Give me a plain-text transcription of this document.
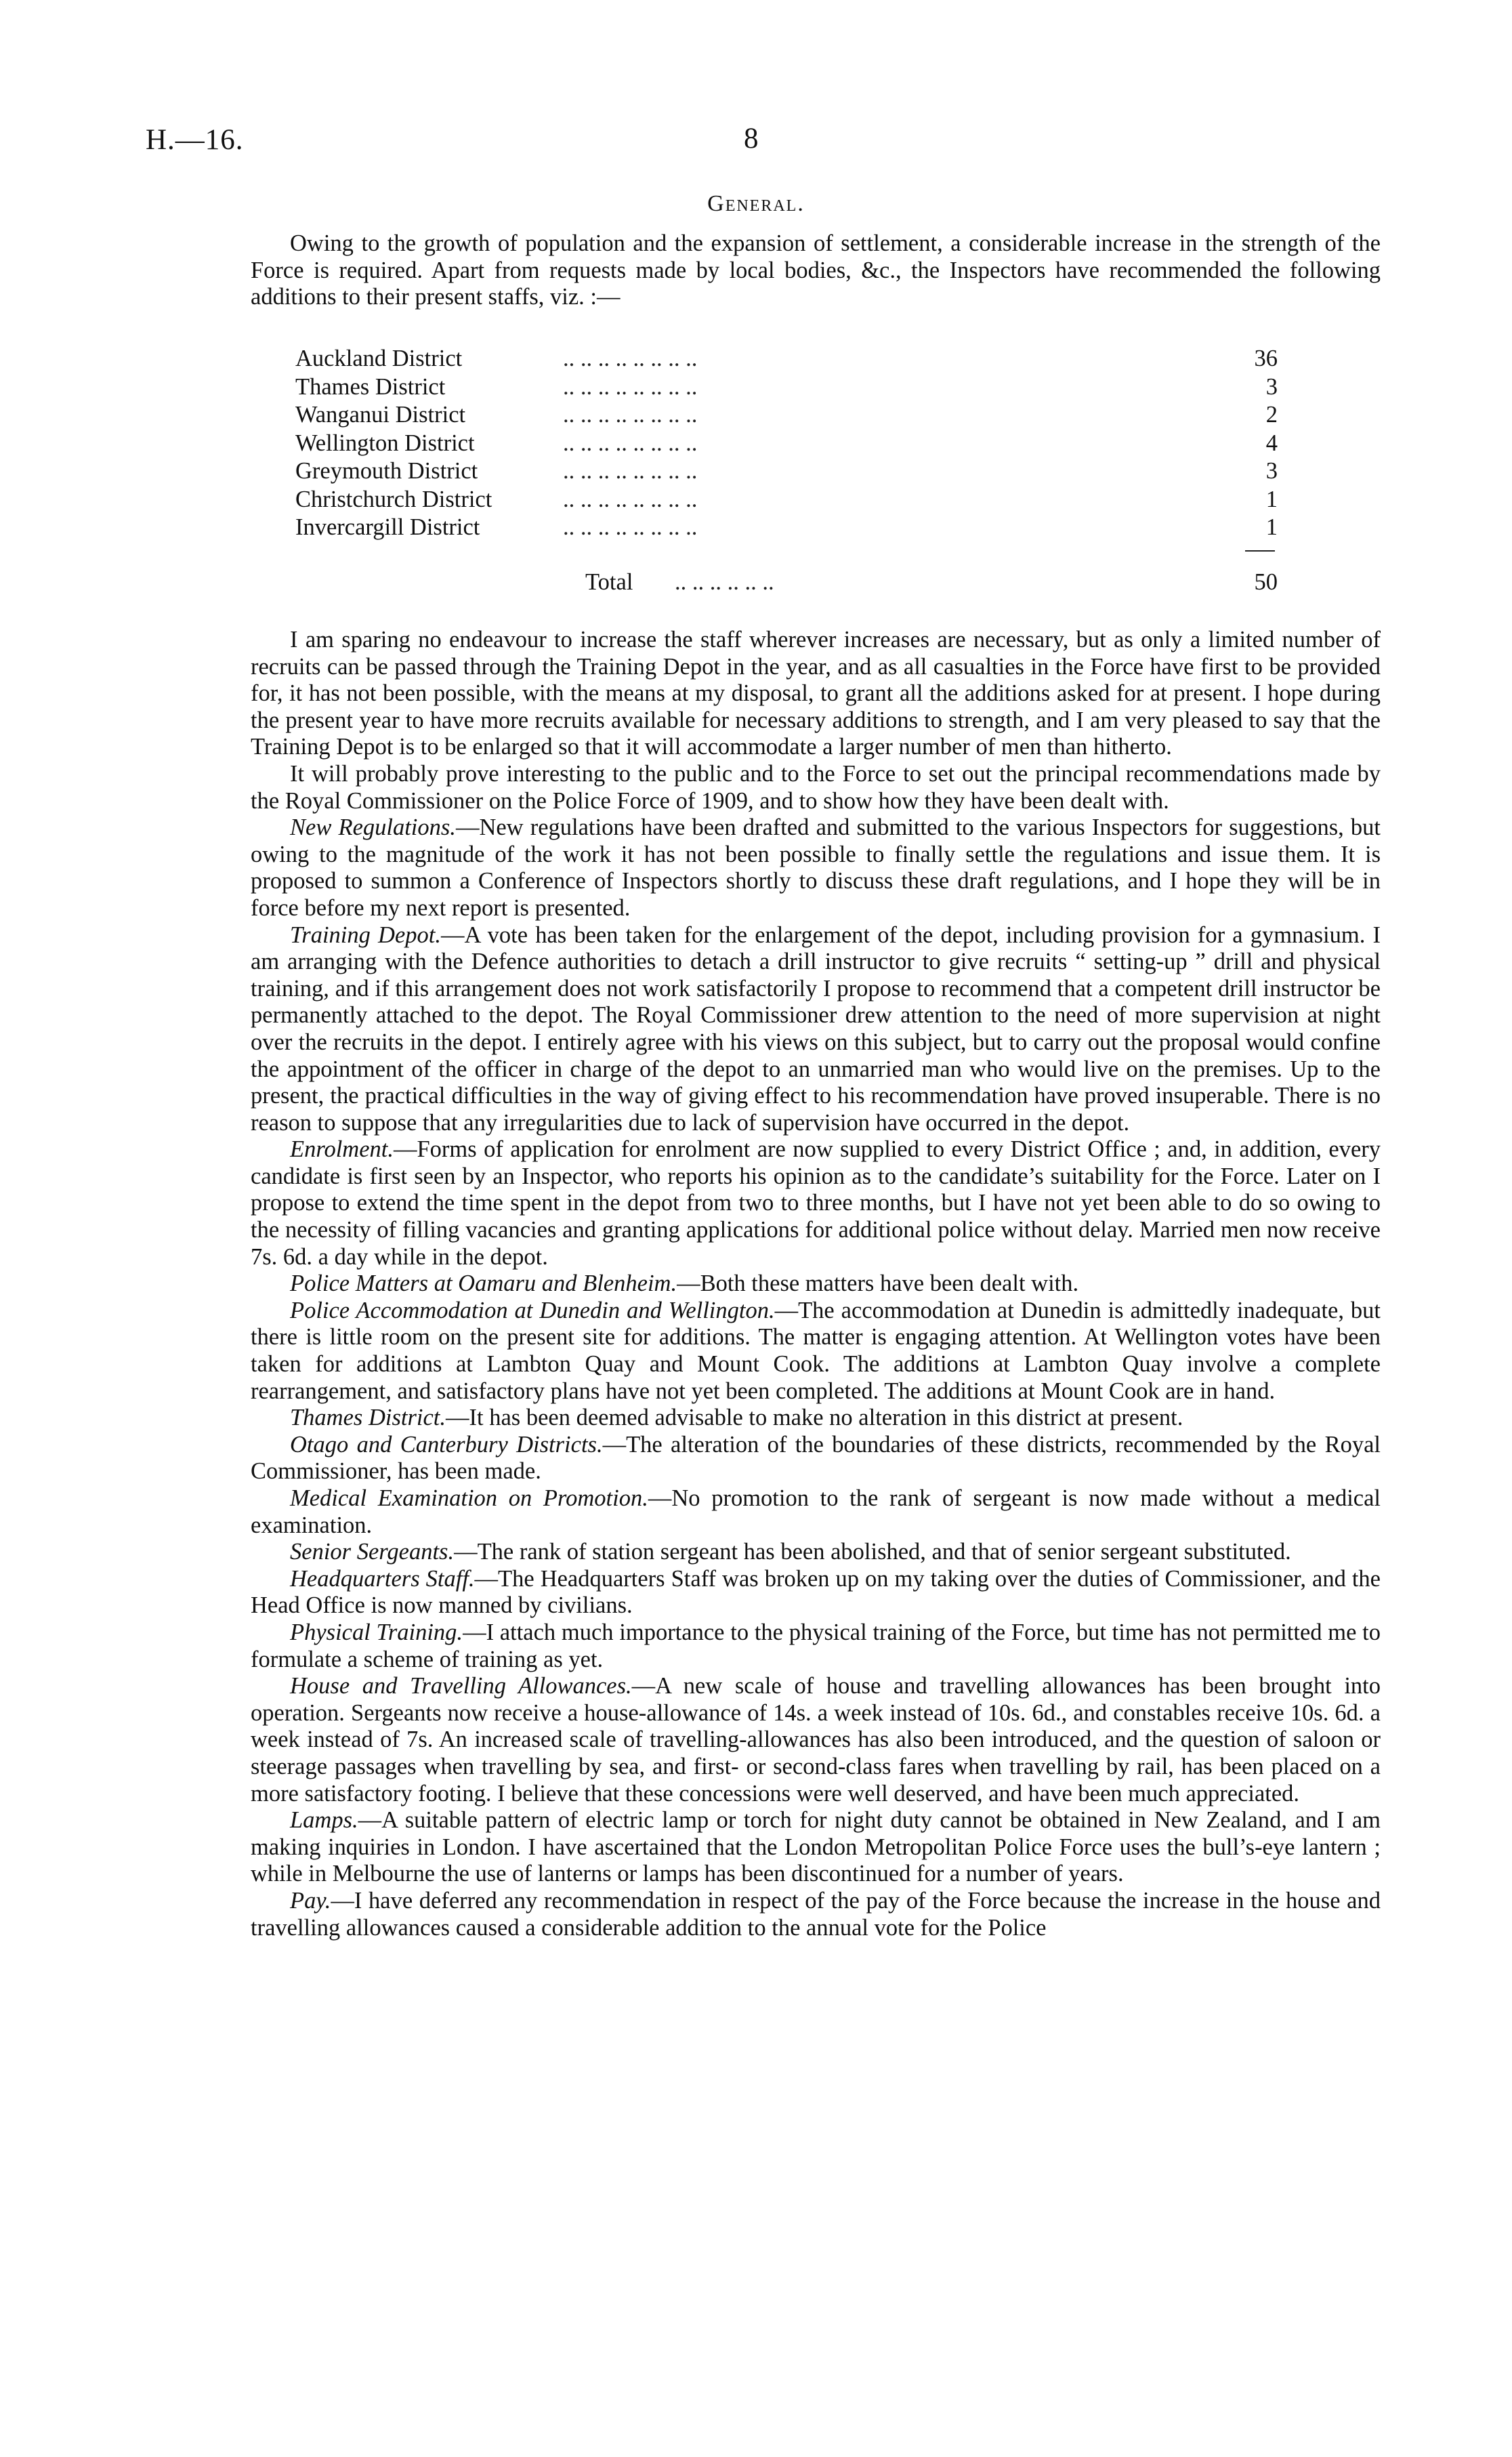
H.—16.	8
General.

Owing to the growth of population and the expansion of settlement, a considerable increase in the strength of the Force is required. Apart from requests made by local bodies, &c., the Inspectors have recommended the following additions to their present staffs, viz. :—

Auckland District	.. .. .. .. .. .. .. ..	36
Thames District	.. .. .. .. .. .. .. ..	3
Wanganui District	.. .. .. .. .. .. .. ..	2
Wellington District	.. .. .. .. .. .. .. ..	4
Greymouth District	.. .. .. .. .. .. .. ..	3
Christchurch District	.. .. .. .. .. .. .. ..	1
Invercargill District	.. .. .. .. .. .. .. ..	1
Total .. .. .. .. .. ..	50

I am sparing no endeavour to increase the staff wherever increases are necessary, but as only a limited number of recruits can be passed through the Training Depot in the year, and as all casualties in the Force have first to be provided for, it has not been possible, with the means at my disposal, to grant all the additions asked for at present. I hope during the present year to have more recruits available for necessary additions to strength, and I am very pleased to say that the Training Depot is to be enlarged so that it will accommodate a larger number of men than hitherto.

It will probably prove interesting to the public and to the Force to set out the principal recommendations made by the Royal Commissioner on the Police Force of 1909, and to show how they have been dealt with.

New Regulations.—New regulations have been drafted and submitted to the various Inspectors for suggestions, but owing to the magnitude of the work it has not been possible to finally settle the regulations and issue them. It is proposed to summon a Conference of Inspectors shortly to discuss these draft regulations, and I hope they will be in force before my next report is presented.

Training Depot.—A vote has been taken for the enlargement of the depot, including provision for a gymnasium. I am arranging with the Defence authorities to detach a drill instructor to give recruits “ setting-up ” drill and physical training, and if this arrangement does not work satisfactorily I propose to recommend that a competent drill instructor be permanently attached to the depot. The Royal Commissioner drew attention to the need of more supervision at night over the recruits in the depot. I entirely agree with his views on this subject, but to carry out the proposal would confine the appointment of the officer in charge of the depot to an unmarried man who would live on the premises. Up to the present, the practical difficulties in the way of giving effect to his recommendation have proved insuperable. There is no reason to suppose that any irregularities due to lack of supervision have occurred in the depot.

Enrolment.—Forms of application for enrolment are now supplied to every District Office ; and, in addition, every candidate is first seen by an Inspector, who reports his opinion as to the candidate’s suitability for the Force. Later on I propose to extend the time spent in the depot from two to three months, but I have not yet been able to do so owing to the necessity of filling vacancies and granting applications for additional police without delay. Married men now receive 7s. 6d. a day while in the depot.

Police Matters at Oamaru and Blenheim.—Both these matters have been dealt with.

Police Accommodation at Dunedin and Wellington.—The accommodation at Dunedin is admittedly inadequate, but there is little room on the present site for additions. The matter is engaging attention. At Wellington votes have been taken for additions at Lambton Quay and Mount Cook. The additions at Lambton Quay involve a complete rearrangement, and satisfactory plans have not yet been completed. The additions at Mount Cook are in hand.

Thames District.—It has been deemed advisable to make no alteration in this district at present.

Otago and Canterbury Districts.—The alteration of the boundaries of these districts, recommended by the Royal Commissioner, has been made.

Medical Examination on Promotion.—No promotion to the rank of sergeant is now made without a medical examination.

Senior Sergeants.—The rank of station sergeant has been abolished, and that of senior sergeant substituted.

Headquarters Staff.—The Headquarters Staff was broken up on my taking over the duties of Commissioner, and the Head Office is now manned by civilians.

Physical Training.—I attach much importance to the physical training of the Force, but time has not permitted me to formulate a scheme of training as yet.

House and Travelling Allowances.—A new scale of house and travelling allowances has been brought into operation. Sergeants now receive a house-allowance of 14s. a week instead of 10s. 6d., and constables receive 10s. 6d. a week instead of 7s. An increased scale of travelling-allowances has also been introduced, and the question of saloon or steerage passages when travelling by sea, and first- or second-class fares when travelling by rail, has been placed on a more satisfactory footing. I believe that these concessions were well deserved, and have been much appreciated.

Lamps.—A suitable pattern of electric lamp or torch for night duty cannot be obtained in New Zealand, and I am making inquiries in London. I have ascertained that the London Metropolitan Police Force uses the bull’s-eye lantern ; while in Melbourne the use of lanterns or lamps has been discontinued for a number of years.

Pay.—I have deferred any recommendation in respect of the pay of the Force because the increase in the house and travelling allowances caused a considerable addition to the annual vote for the Police
